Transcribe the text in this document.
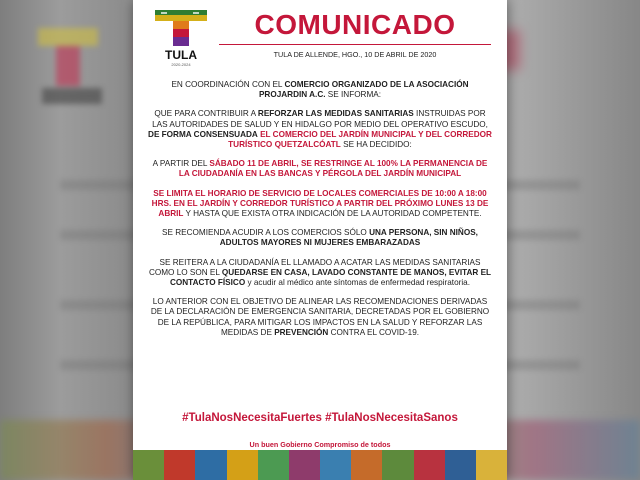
TULA
2020-2024
COMUNICADO
TULA DE ALLENDE, HGO., 10 DE ABRIL DE 2020

EN COORDINACIÓN CON EL COMERCIO ORGANIZADO DE LA ASOCIACIÓN PROJARDIN A.C. SE INFORMA:

QUE PARA CONTRIBUIR A REFORZAR LAS MEDIDAS SANITARIAS INSTRUIDAS POR LAS AUTORIDADES DE SALUD Y EN HIDALGO POR MEDIO DEL OPERATIVO ESCUDO, DE FORMA CONSENSUADA EL COMERCIO DEL JARDÍN MUNICIPAL Y DEL CORREDOR TURÍSTICO QUETZALCÓATL SE HA DECIDIDO:

A PARTIR DEL SÁBADO 11 DE ABRIL, SE RESTRINGE AL 100% LA PERMANENCIA DE LA CIUDADANÍA EN LAS BANCAS Y PÉRGOLA DEL JARDÍN MUNICIPAL

SE LIMITA EL HORARIO DE SERVICIO DE LOCALES COMERCIALES DE 10:00 A 18:00 HRS. EN EL JARDÍN Y CORREDOR TURÍSTICO A PARTIR DEL PRÓXIMO LUNES 13 DE ABRIL Y HASTA QUE EXISTA OTRA INDICACIÓN DE LA AUTORIDAD COMPETENTE.

SE RECOMIENDA ACUDIR A LOS COMERCIOS SÓLO UNA PERSONA, SIN NIÑOS, ADULTOS MAYORES NI MUJERES EMBARAZADAS

SE REITERA A LA CIUDADANÍA EL LLAMADO A ACATAR LAS MEDIDAS SANITARIAS COMO LO SON EL QUEDARSE EN CASA, LAVADO CONSTANTE DE MANOS, EVITAR EL CONTACTO FÍSICO y acudir al médico ante síntomas de enfermedad respiratoria.

LO ANTERIOR CON EL OBJETIVO DE ALINEAR LAS RECOMENDACIONES DERIVADAS DE LA DECLARACIÓN DE EMERGENCIA SANITARIA, DECRETADAS POR EL GOBIERNO DE LA REPÚBLICA, PARA MITIGAR LOS IMPACTOS EN LA SALUD Y REFORZAR LAS MEDIDAS DE PREVENCIÓN CONTRA EL COVID-19.

#TulaNosNecesitaFuertes #TulaNosNecesitaSanos
Un buen Gobierno Compromiso de todos
